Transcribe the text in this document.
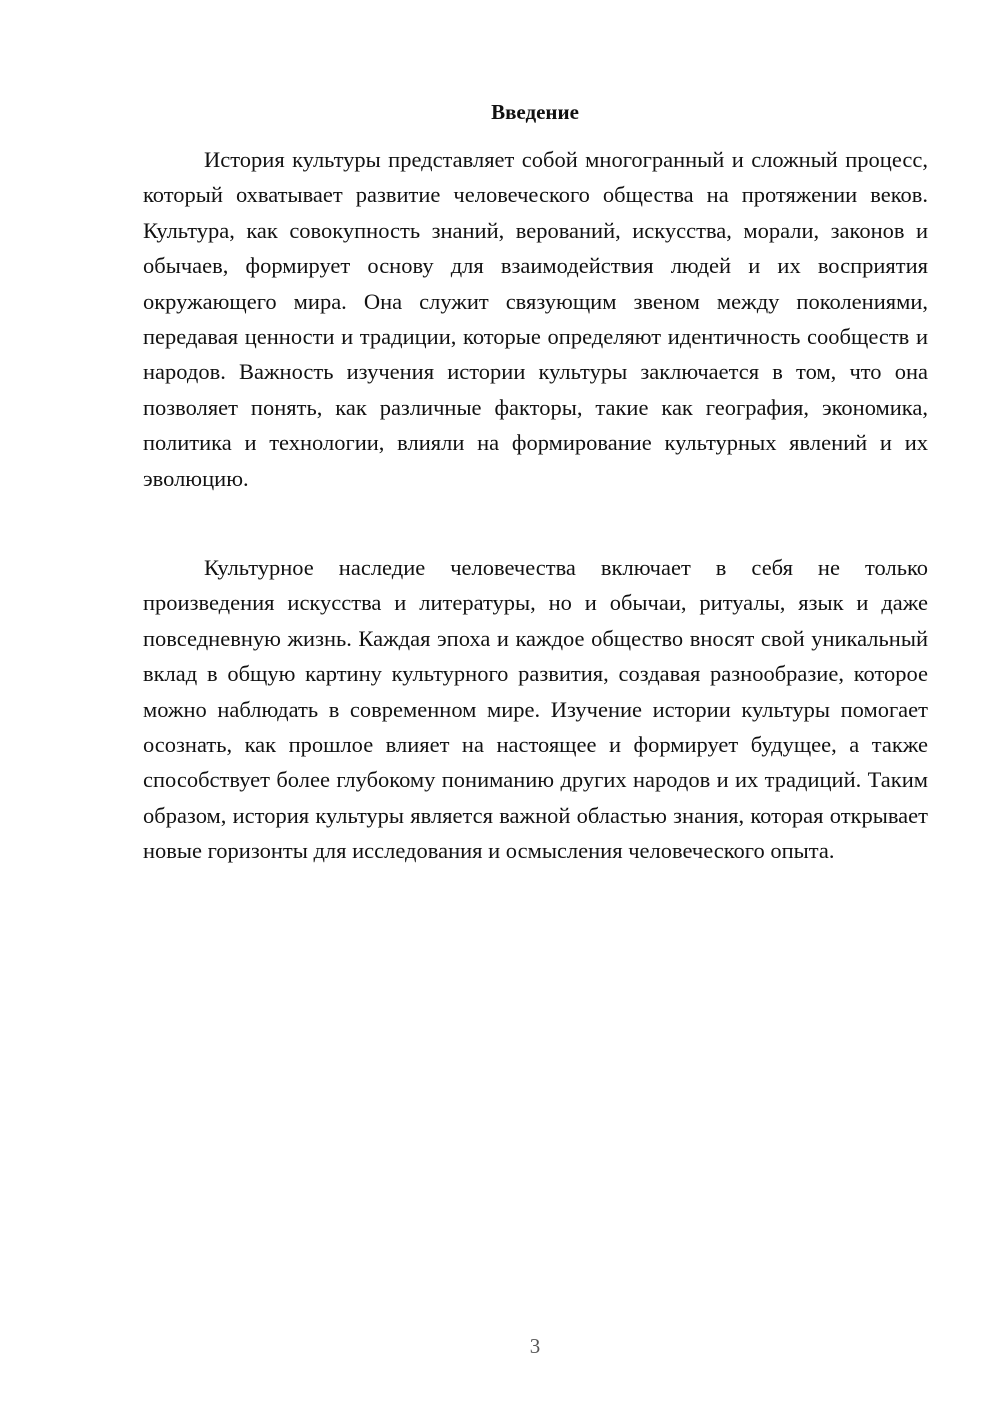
Введение

История культуры представляет собой многогранный и сложный процесс, который охватывает развитие человеческого общества на протяжении веков. Культура, как совокупность знаний, верований, искусства, морали, законов и обычаев, формирует основу для взаимодействия людей и их восприятия окружающего мира. Она служит связующим звеном между поколениями, передавая ценности и традиции, которые определяют идентичность сообществ и народов. Важность изучения истории культуры заключается в том, что она позволяет понять, как различные факторы, такие как география, экономика, политика и технологии, влияли на формирование культурных явлений и их эволюцию.

Культурное наследие человечества включает в себя не только произведения искусства и литературы, но и обычаи, ритуалы, язык и даже повседневную жизнь. Каждая эпоха и каждое общество вносят свой уникальный вклад в общую картину культурного развития, создавая разнообразие, которое можно наблюдать в современном мире. Изучение истории культуры помогает осознать, как прошлое влияет на настоящее и формирует будущее, а также способствует более глубокому пониманию других народов и их традиций. Таким образом, история культуры является важной областью знания, которая открывает новые горизонты для исследования и осмысления человеческого опыта.

3
